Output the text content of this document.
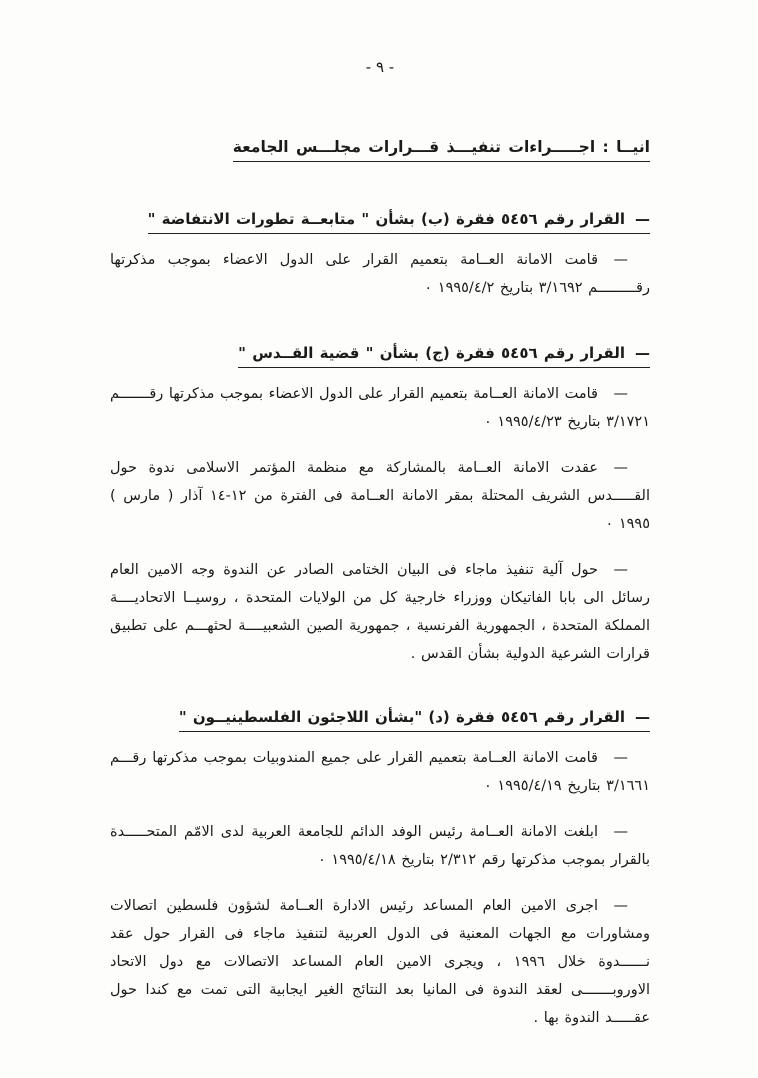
- ٩ -
انيــا : اجـــــراءات تنفيـــذ قـــرارات مجلـــس الجامعة
—القرار رقم ٥٤٥٦ فقرة (ب) بشأن " متابعــة تطورات الانتفاضة "

—
قامت الامانة العــامة بتعميم القرار على الدول الاعضاء بموجب مذكرتها رقـــــــــم ٣/١٦٩٢ بتاريخ ١٩٩٥/٤/٢ ٠

—القرار رقم ٥٤٥٦ فقرة (ج) بشأن " قضية القــدس "

—
قامت الامانة العــامة بتعميم القرار على الدول الاعضاء بموجب مذكرتها رقـــــــم ٣/١٧٢١ بتاريخ ١٩٩٥/٤/٢٣ ٠

—
عقدت الامانة العــامة بالمشاركة مع منظمة المؤتمر الاسلامى ندوة حول القـــــدس الشريف المحتلة بمقر الامانة العــامة فى الفترة من ١٢-١٤ آذار ( مارس ) ١٩٩٥ ٠

—
حول آلية تنفيذ ماجاء فى البيان الختامى الصادر عن الندوة وجه الامين العام رسائل الى بابا الفاتيكان ووزراء خارجية كل من الولايات المتحدة ، روسيــا الاتحاديــــة المملكة المتحدة ، الجمهورية الفرنسية ، جمهورية الصين الشعبيــــة لحثهـــم على تطبيق قرارات الشرعية الدولية بشأن القدس .

—القرار رقم ٥٤٥٦ فقرة (د) "بشأن اللاجئون الفلسطينيــون "

—
قامت الامانة العــامة بتعميم القرار على جميع المندوبيات بموجب مذكرتها رقـــم ٣/١٦٦١ بتاريخ ١٩٩٥/٤/١٩ ٠

—
ابلغت الامانة العــامة رئيس الوفد الدائم للجامعة العربية لدى الامّم المتحـــــدة بالقرار بموجب مذكرتها رقم ٢/٣١٢ بتاريخ ١٩٩٥/٤/١٨ ٠

—
اجرى الامين العام المساعد رئيس الادارة العــامة لشؤون فلسطين اتصالات ومشاورات مع الجهات المعنية فى الدول العربية لتنفيذ ماجاء فى القرار حول عقد نــــــدوة خلال ١٩٩٦ ، ويجرى الامين العام المساعد الاتصالات مع دول الاتحاد الاوروبـــــــى لعقد الندوة فى المانيا بعد النتائج الغير ايجابية التى تمت مع كندا حول عقـــــد الندوة بها .
